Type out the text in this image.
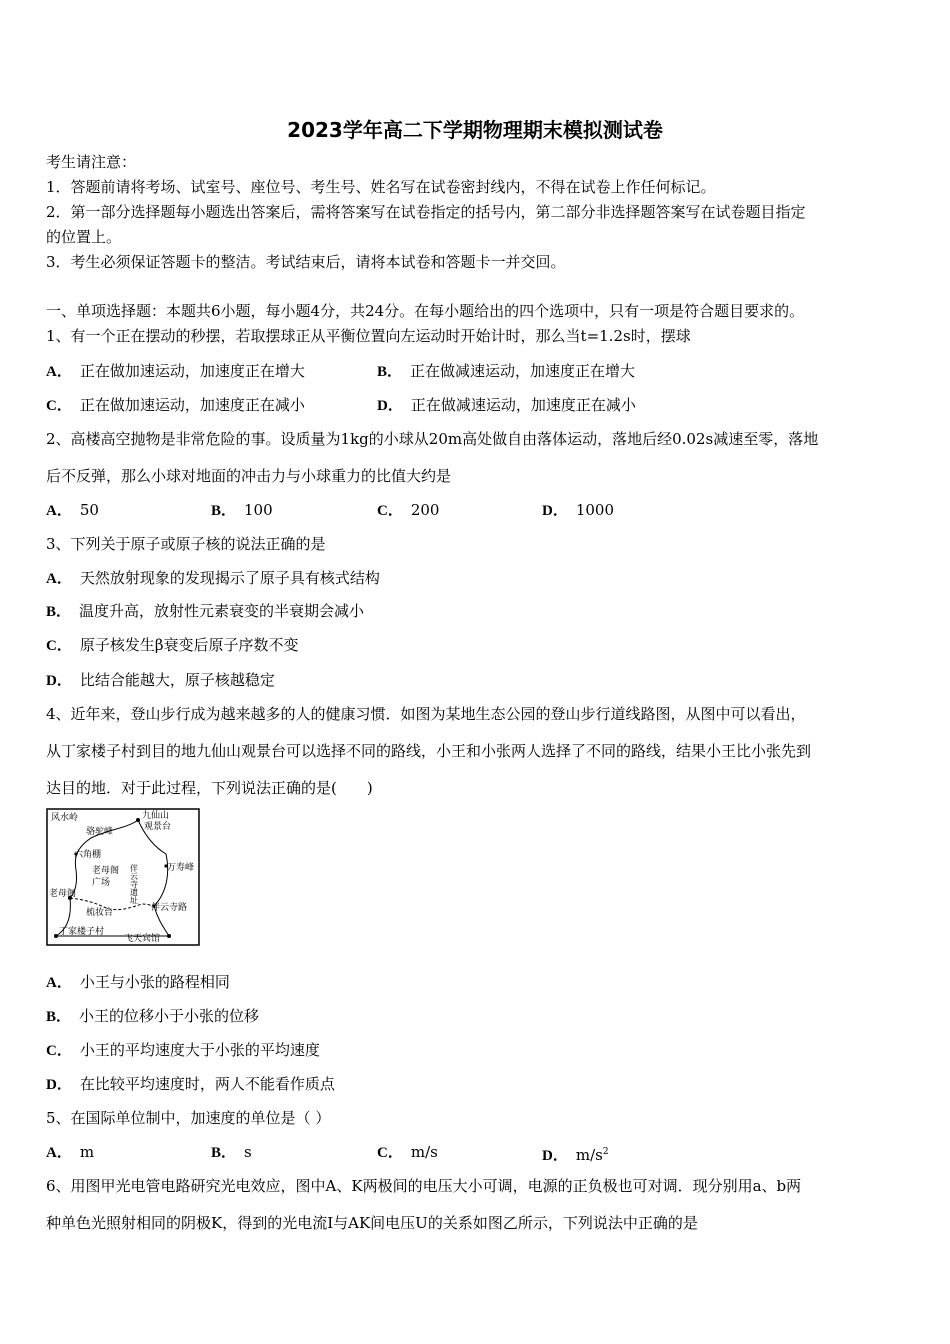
2023学年高二下学期物理期末模拟测试卷
考生请注意：
1．答题前请将考场、试室号、座位号、考生号、姓名写在试卷密封线内，不得在试卷上作任何标记。
2．第一部分选择题每小题选出答案后，需将答案写在试卷指定的括号内，第二部分非选择题答案写在试卷题目指定
的位置上。
3．考生必须保证答题卡的整洁。考试结束后，请将本试卷和答题卡一并交回。
一、单项选择题：本题共6小题，每小题4分，共24分。在每小题给出的四个选项中，只有一项是符合题目要求的。
1、有一个正在摆动的秒摆，若取摆球正从平衡位置向左运动时开始计时，那么当t=1.2s时，摆球
A． 正在做加速运动，加速度正在增大	B． 正在做减速运动，加速度正在增大
C． 正在做加速运动，加速度正在减小	D． 正在做减速运动，加速度正在减小
2、高楼高空抛物是非常危险的事。设质量为1kg的小球从20m高处做自由落体运动，落地后经0.02s减速至零，落地
后不反弹，那么小球对地面的冲击力与小球重力的比值大约是
A． 50	B． 100	C． 200	D． 1000
3、下列关于原子或原子核的说法正确的是
A． 天然放射现象的发现揭示了原子具有核式结构
B． 温度升高，放射性元素衰变的半衰期会减小
C． 原子核发生β衰变后原子序数不变
D． 比结合能越大，原子核越稳定
4、近年来，登山步行成为越来越多的人的健康习惯．如图为某地生态公园的登山步行道线路图，从图中可以看出，
从丁家楼子村到目的地九仙山观景台可以选择不同的路线，小王和小张两人选择了不同的路线，结果小王比小张先到
达目的地．对于此过程，下列说法正确的是(　　)
风水岭	九仙山
观景台
骆驼峰
六角棚
老母阁
广场 伴云寺遗址	万寿峰
老母阁
梳妆台	伴云寺路
丁家楼子村
飞天宾馆
A． 小王与小张的路程相同
B． 小王的位移小于小张的位移
C． 小王的平均速度大于小张的平均速度
D． 在比较平均速度时，两人不能看作质点
5、在国际单位制中，加速度的单位是（ ）
A． m	B． s	C． m/s	D． $m/s^2$
6、用图甲光电管电路研究光电效应，图中A、K两极间的电压大小可调，电源的正负极也可对调．现分别用a、b两
种单色光照射相同的阴极K，得到的光电流I与AK间电压U的关系如图乙所示，下列说法中正确的是
